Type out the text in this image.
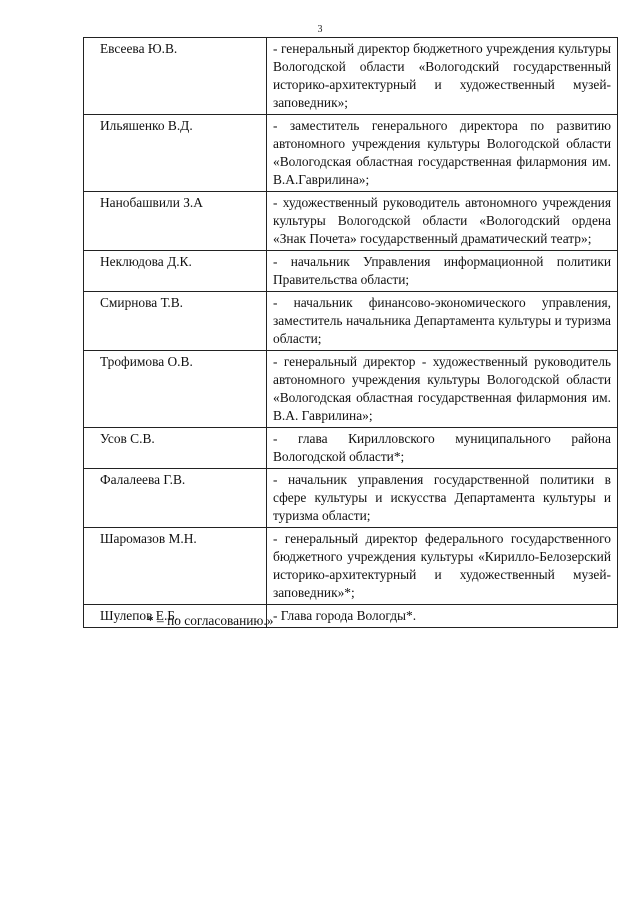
3
Евсеева Ю.В.	- генеральный директор бюджетного учреждения культуры Вологодской области «Вологодский государственный историко-архитектурный и художественный музей-заповедник»;
Ильяшенко В.Д.	- заместитель генерального директора по развитию автономного учреждения культуры Вологодской области «Вологодская областная государственная филармония им. В.А.Гаврилина»;
Нанобашвили З.А	- художественный руководитель автономного учреждения культуры Вологодской области «Вологодский ордена «Знак Почета» государственный драматический театр»;
Неклюдова Д.К.	- начальник Управления информационной политики Правительства области;
Смирнова Т.В.	- начальник финансово-экономического управления, заместитель начальника Департамента культуры и туризма области;
Трофимова О.В.	- генеральный директор - художественный руководитель автономного учреждения культуры Вологодской области «Вологодская областная государственная филармония им. В.А. Гаврилина»;
Усов С.В.	- глава Кирилловского муниципального района Вологодской области*;
Фалалеева Г.В.	- начальник управления государственной политики в сфере культуры и искусства Департамента культуры и туризма области;
Шаромазов М.Н.	- генеральный директор федерального государственного бюджетного учреждения культуры «Кирилло-Белозерский историко-архитектурный и художественный музей-заповедник»*;
Шулепов Е.Б.	- Глава города Вологды*.
* – по согласованию.»
